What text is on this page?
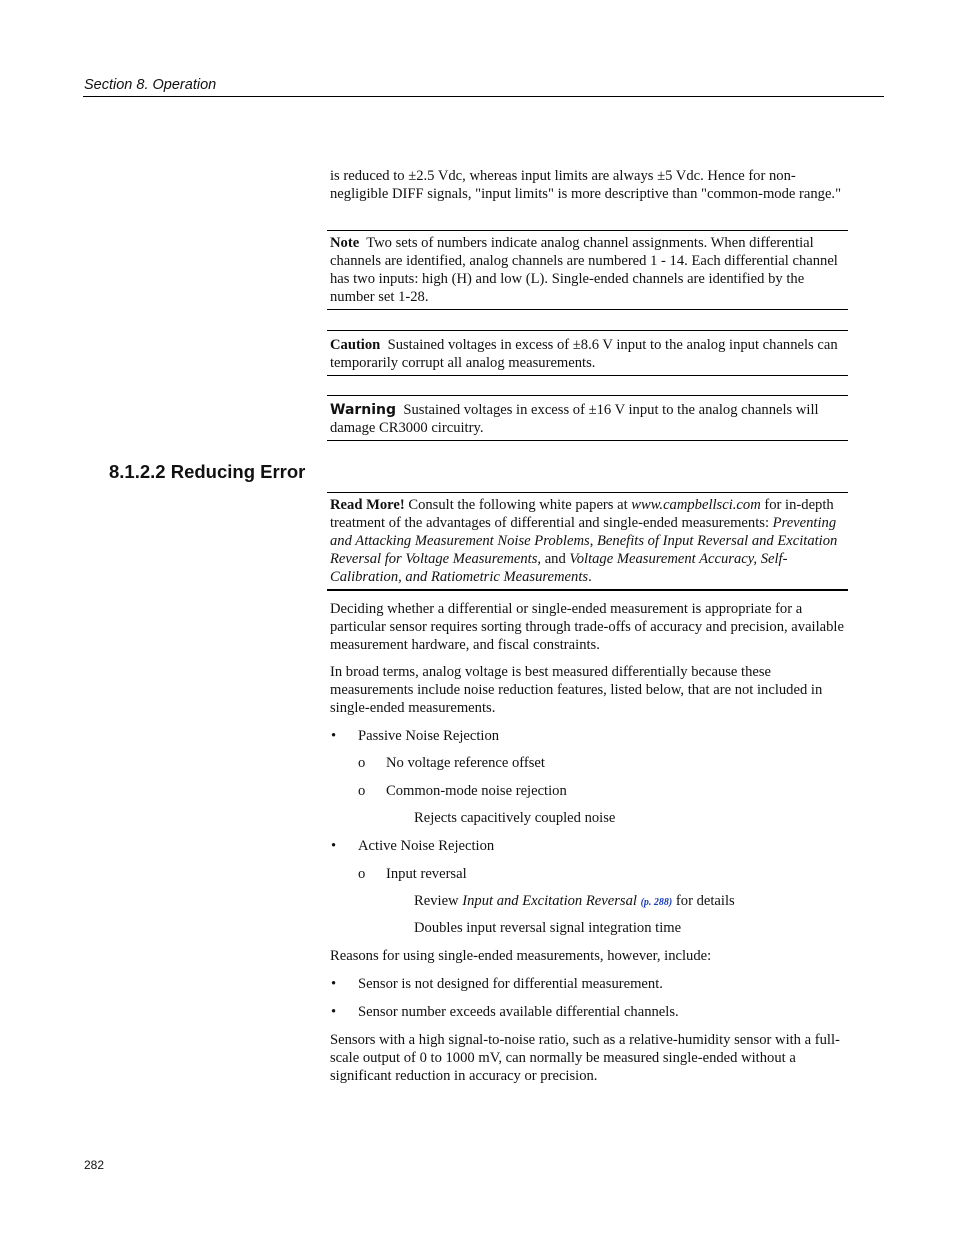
Section 8. Operation
is reduced to ±2.5 Vdc, whereas input limits are always ±5 Vdc. Hence for non-negligible DIFF signals, "input limits" is more descriptive than "common-mode range."
Note Two sets of numbers indicate analog channel assignments. When differential channels are identified, analog channels are numbered 1 - 14. Each differential channel has two inputs: high (H) and low (L). Single-ended channels are identified by the number set 1-28.
Caution Sustained voltages in excess of ±8.6 V input to the analog input channels can temporarily corrupt all analog measurements.
Warning Sustained voltages in excess of ±16 V input to the analog channels will damage CR3000 circuitry.
8.1.2.2 Reducing Error
Read More! Consult the following white papers at www.campbellsci.com for in-depth treatment of the advantages of differential and single-ended measurements: Preventing and Attacking Measurement Noise Problems, Benefits of Input Reversal and Excitation Reversal for Voltage Measurements, and Voltage Measurement Accuracy, Self-Calibration, and Ratiometric Measurements.
Deciding whether a differential or single-ended measurement is appropriate for a particular sensor requires sorting through trade-offs of accuracy and precision, available measurement hardware, and fiscal constraints.
In broad terms, analog voltage is best measured differentially because these measurements include noise reduction features, listed below, that are not included in single-ended measurements.
• Passive Noise Rejection
o No voltage reference offset
o Common-mode noise rejection
Rejects capacitively coupled noise
• Active Noise Rejection
o Input reversal
Review Input and Excitation Reversal (p. 288) for details
Doubles input reversal signal integration time
Reasons for using single-ended measurements, however, include:
• Sensor is not designed for differential measurement.
• Sensor number exceeds available differential channels.
Sensors with a high signal-to-noise ratio, such as a relative-humidity sensor with a full-scale output of 0 to 1000 mV, can normally be measured single-ended without a significant reduction in accuracy or precision.
282
